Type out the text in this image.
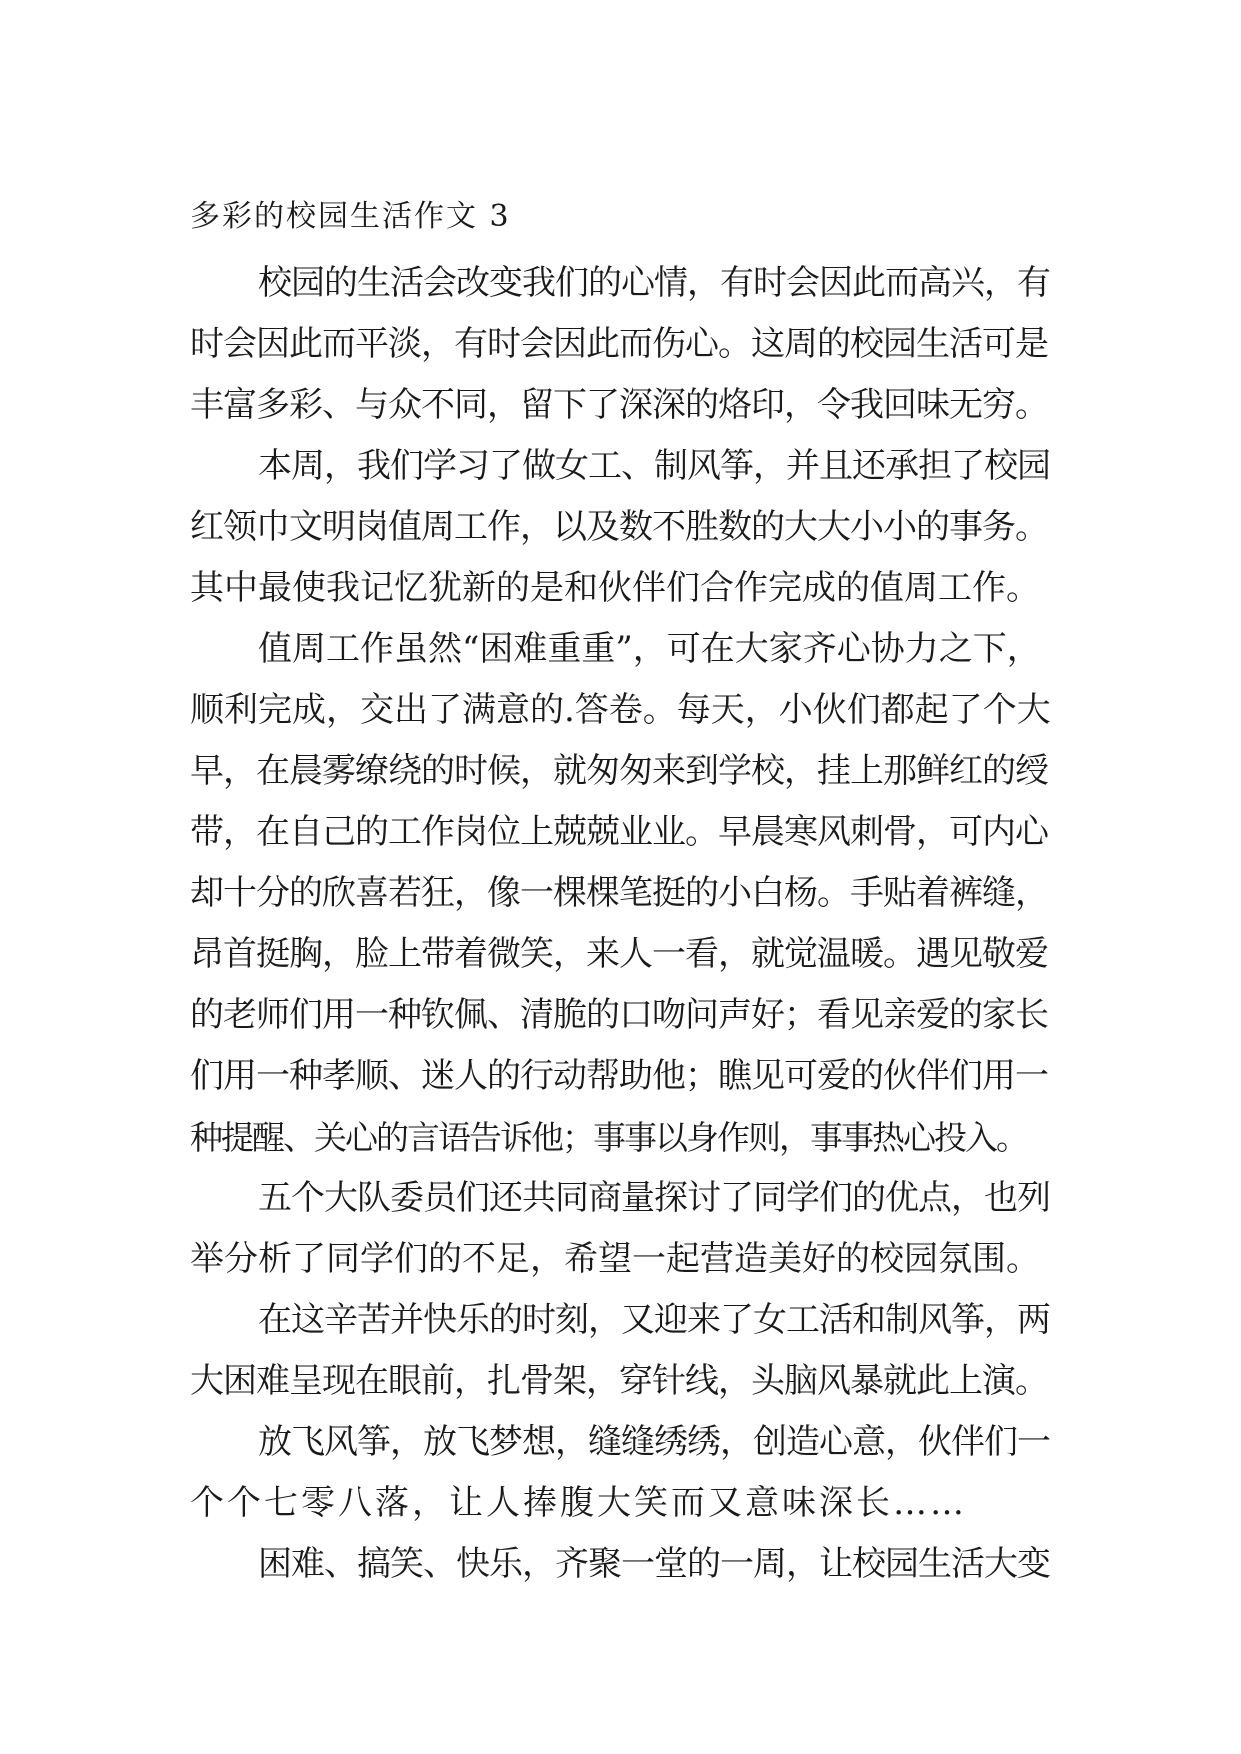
多彩的校园生活作文 3
校园的生活会改变我们的心情，有时会因此而高兴，有
时会因此而平淡，有时会因此而伤心。这周的校园生活可是
丰富多彩、与众不同，留下了深深的烙印，令我回味无穷。
本周，我们学习了做女工、制风筝，并且还承担了校园
红领巾文明岗值周工作，以及数不胜数的大大小小的事务。
其中最使我记忆犹新的是和伙伴们合作完成的值周工作。
值周工作虽然“困难重重”，可在大家齐心协力之下，
顺利完成，交出了满意的.答卷。每天，小伙们都起了个大
早，在晨雾缭绕的时候，就匆匆来到学校，挂上那鲜红的绶
带，在自己的工作岗位上兢兢业业。早晨寒风刺骨，可内心
却十分的欣喜若狂，像一棵棵笔挺的小白杨。手贴着裤缝，
昂首挺胸，脸上带着微笑，来人一看，就觉温暖。遇见敬爱
的老师们用一种钦佩、清脆的口吻问声好；看见亲爱的家长
们用一种孝顺、迷人的行动帮助他；瞧见可爱的伙伴们用一
种提醒、关心的言语告诉他；事事以身作则，事事热心投入。
五个大队委员们还共同商量探讨了同学们的优点，也列
举分析了同学们的不足，希望一起营造美好的校园氛围。
在这辛苦并快乐的时刻，又迎来了女工活和制风筝，两
大困难呈现在眼前，扎骨架，穿针线，头脑风暴就此上演。
放飞风筝，放飞梦想，缝缝绣绣，创造心意，伙伴们一
个个七零八落，让人捧腹大笑而又意味深长……
困难、搞笑、快乐，齐聚一堂的一周，让校园生活大变
